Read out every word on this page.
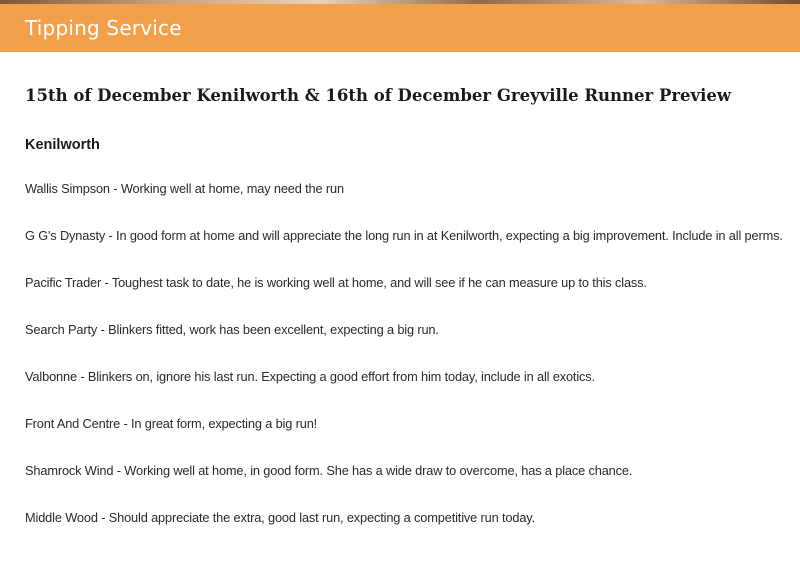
Tipping Service
15th of December Kenilworth & 16th of December Greyville Runner Preview
Kenilworth
Wallis Simpson - Working well at home, may need the run
G G's Dynasty - In good form at home and will appreciate the long run in at Kenilworth, expecting a big improvement. Include in all perms.
Pacific Trader - Toughest task to date, he is working well at home, and will see if he can measure up to this class.
Search Party - Blinkers fitted, work has been excellent, expecting a big run.
Valbonne - Blinkers on, ignore his last run. Expecting a good effort from him today, include in all exotics.
Front And Centre - In great form, expecting a big run!
Shamrock Wind - Working well at home, in good form. She has a wide draw to overcome, has a place chance.
Middle Wood - Should appreciate the extra, good last run, expecting a competitive run today.
